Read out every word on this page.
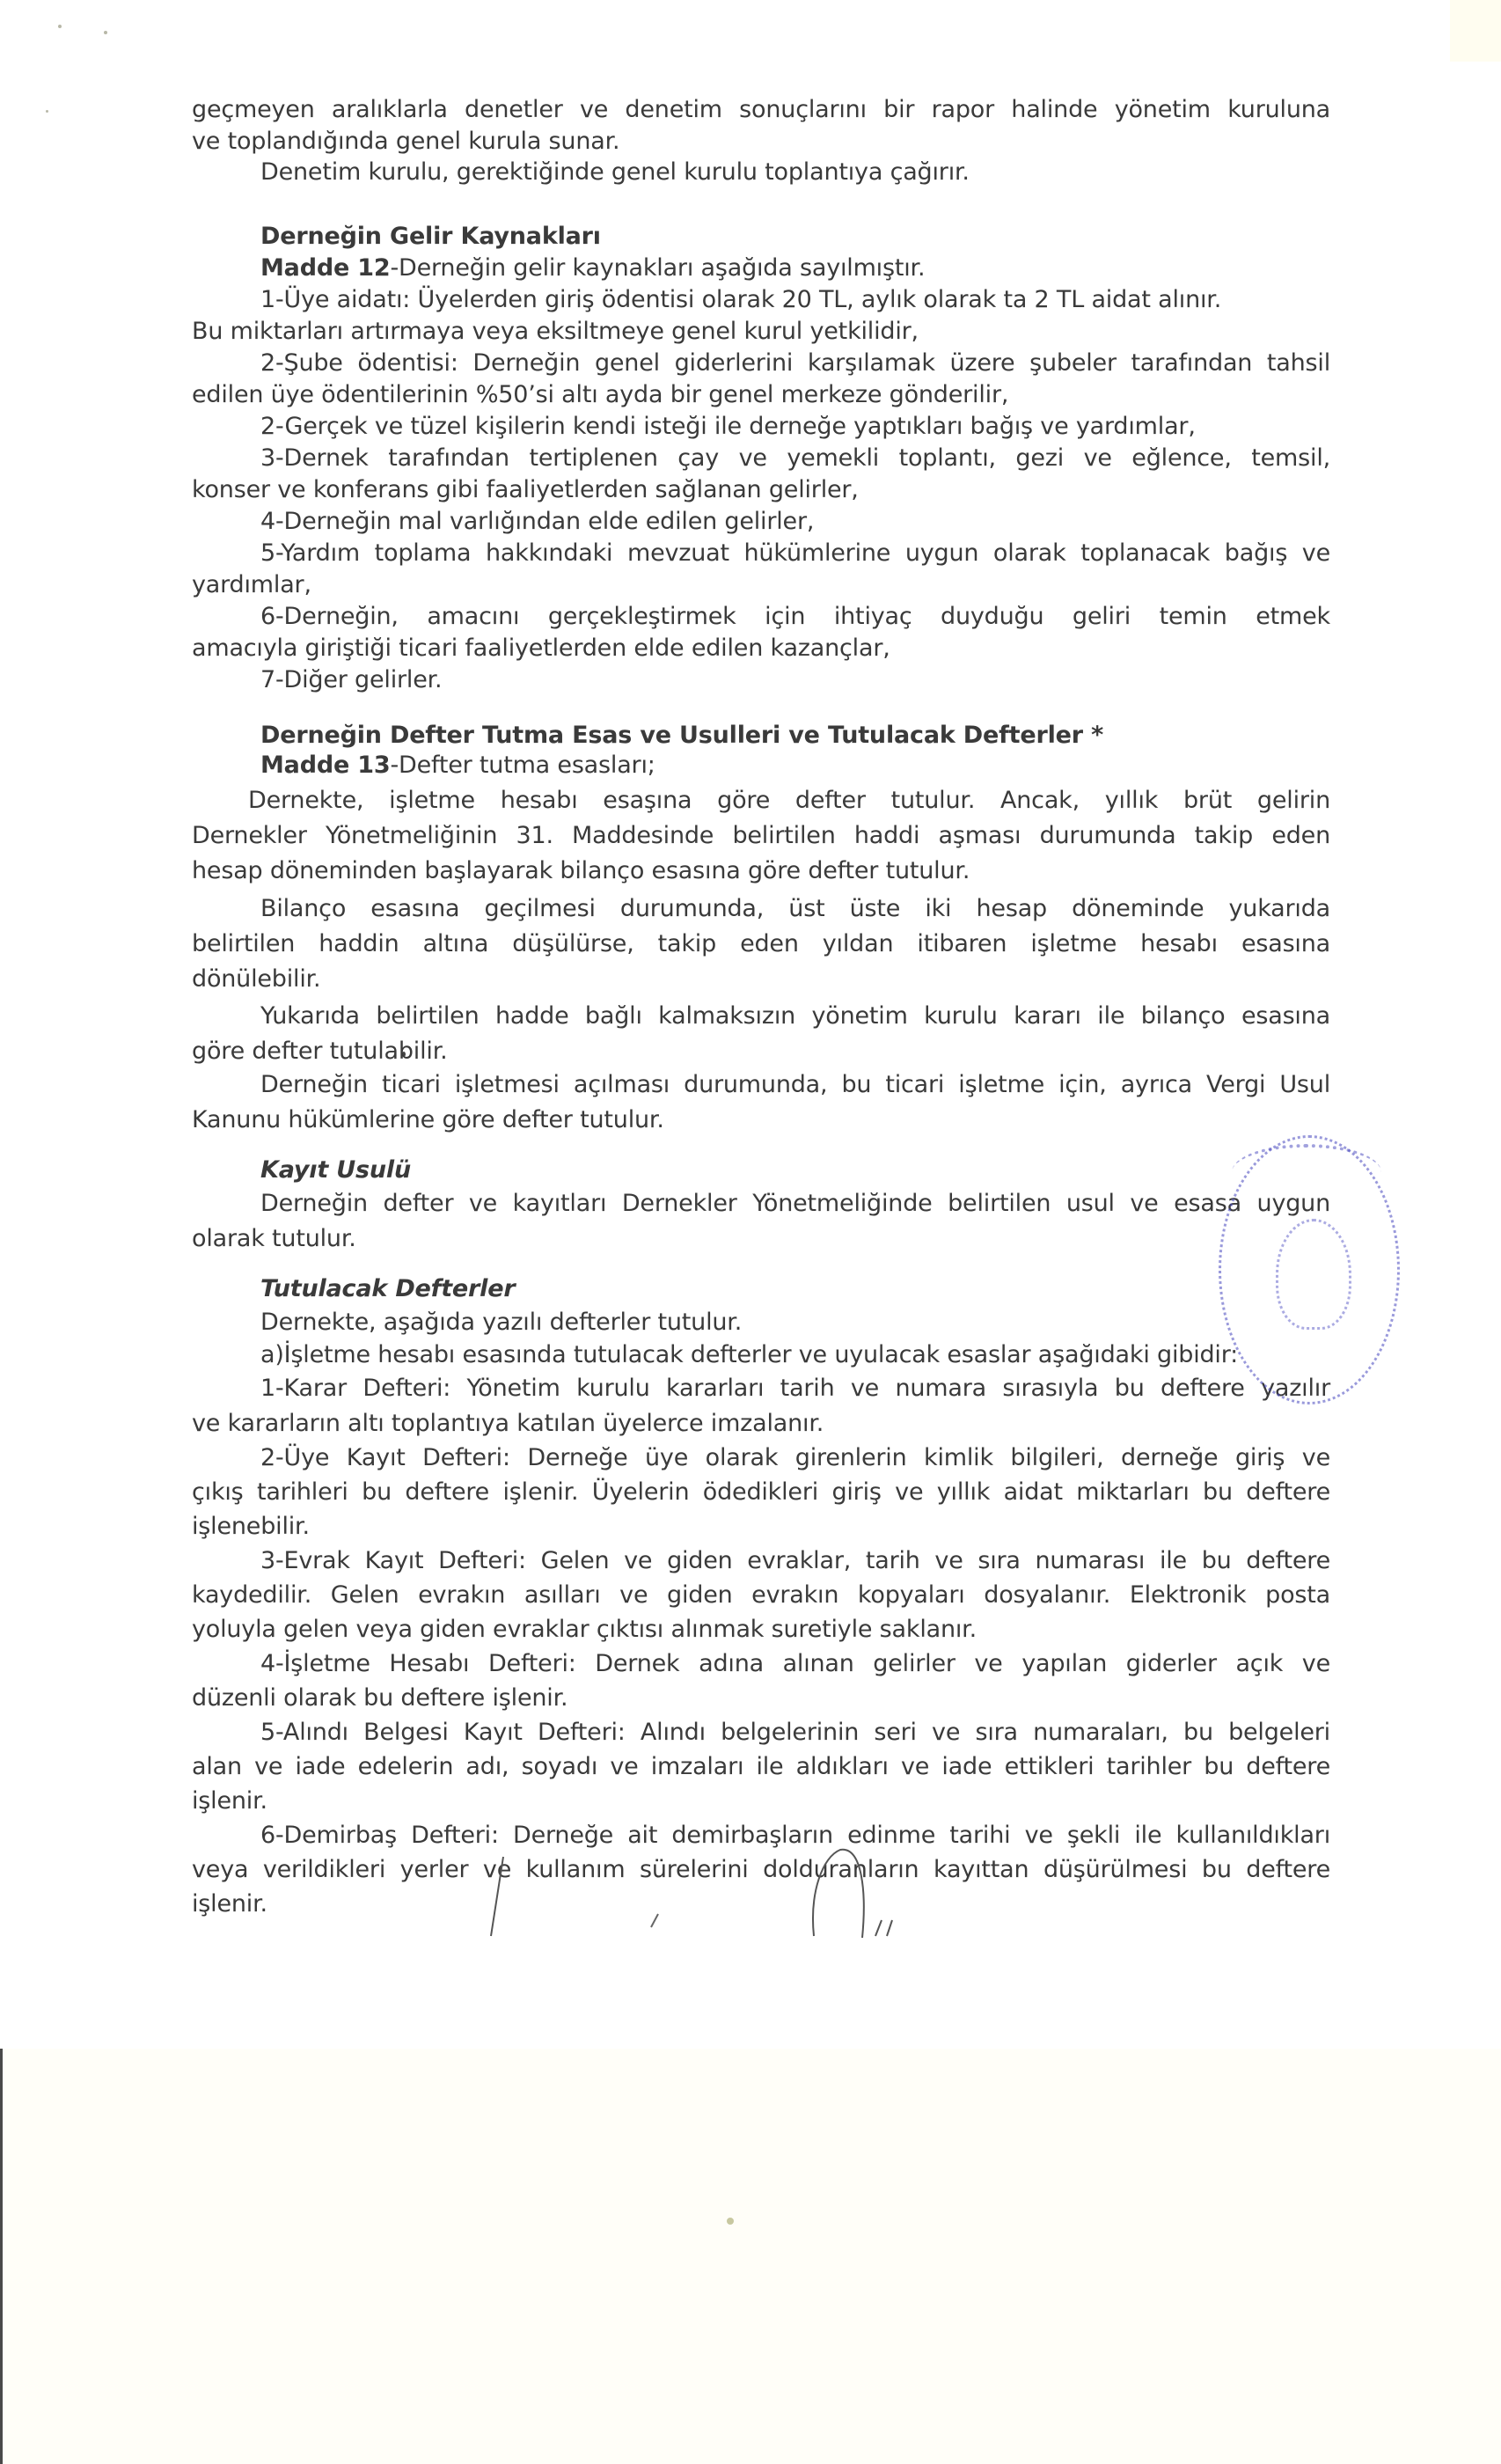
geçmeyen aralıklarla denetler ve denetim sonuçlarını bir rapor halinde yönetim kuruluna
ve toplandığında genel kurula sunar.
Denetim kurulu, gerektiğinde genel kurulu toplantıya çağırır.
Derneğin Gelir Kaynakları
Madde 12-Derneğin gelir kaynakları aşağıda sayılmıştır.
1-Üye aidatı: Üyelerden giriş ödentisi olarak 20 TL, aylık olarak ta 2 TL aidat alınır.
Bu miktarları artırmaya veya eksiltmeye genel kurul yetkilidir,
2-Şube ödentisi: Derneğin genel giderlerini karşılamak üzere şubeler tarafından tahsil
edilen üye ödentilerinin %50’si altı ayda bir genel merkeze gönderilir,
2-Gerçek ve tüzel kişilerin kendi isteği ile derneğe yaptıkları bağış ve yardımlar,
3-Dernek tarafından tertiplenen çay ve yemekli toplantı, gezi ve eğlence, temsil,
konser ve konferans gibi faaliyetlerden sağlanan gelirler,
4-Derneğin mal varlığından elde edilen gelirler,
5-Yardım toplama hakkındaki mevzuat hükümlerine uygun olarak toplanacak bağış ve
yardımlar,
6-Derneğin, amacını gerçekleştirmek için ihtiyaç duyduğu geliri temin etmek
amacıyla giriştiği ticari faaliyetlerden elde edilen kazançlar,
7-Diğer gelirler.
Derneğin Defter Tutma Esas ve Usulleri ve Tutulacak Defterler *
Madde 13-Defter tutma esasları;
Dernekte, işletme hesabı esaşına göre defter tutulur. Ancak, yıllık brüt gelirin
Dernekler Yönetmeliğinin 31. Maddesinde belirtilen haddi aşması durumunda takip eden
hesap döneminden başlayarak bilanço esasına göre defter tutulur.
Bilanço esasına geçilmesi durumunda, üst üste iki hesap döneminde yukarıda
belirtilen haddin altına düşülürse, takip eden yıldan itibaren işletme hesabı esasına
dönülebilir.
Yukarıda belirtilen hadde bağlı kalmaksızın yönetim kurulu kararı ile bilanço esasına
göre defter tutulabilir.
Derneğin ticari işletmesi açılması durumunda, bu ticari işletme için, ayrıca Vergi Usul
Kanunu hükümlerine göre defter tutulur.
Kayıt Usulü
Derneğin defter ve kayıtları Dernekler Yönetmeliğinde belirtilen usul ve esasa uygun
olarak tutulur.
Tutulacak Defterler
Dernekte, aşağıda yazılı defterler tutulur.
a)İşletme hesabı esasında tutulacak defterler ve uyulacak esaslar aşağıdaki gibidir:
1-Karar Defteri: Yönetim kurulu kararları tarih ve numara sırasıyla bu deftere yazılır
ve kararların altı toplantıya katılan üyelerce imzalanır.
2-Üye Kayıt Defteri: Derneğe üye olarak girenlerin kimlik bilgileri, derneğe giriş ve
çıkış tarihleri bu deftere işlenir. Üyelerin ödedikleri giriş ve yıllık aidat miktarları bu deftere
işlenebilir.
3-Evrak Kayıt Defteri: Gelen ve giden evraklar, tarih ve sıra numarası ile bu deftere
kaydedilir. Gelen evrakın asılları ve giden evrakın kopyaları dosyalanır. Elektronik posta
yoluyla gelen veya giden evraklar çıktısı alınmak suretiyle saklanır.
4-İşletme Hesabı Defteri: Dernek adına alınan gelirler ve yapılan giderler açık ve
düzenli olarak bu deftere işlenir.
5-Alındı Belgesi Kayıt Defteri: Alındı belgelerinin seri ve sıra numaraları, bu belgeleri
alan ve iade edelerin adı, soyadı ve imzaları ile aldıkları ve iade ettikleri tarihler bu deftere
işlenir.
6-Demirbaş Defteri: Derneğe ait demirbaşların edinme tarihi ve şekli ile kullanıldıkları
veya verildikleri yerler ve kullanım sürelerini dolduranların kayıttan düşürülmesi bu deftere
işlenir.
